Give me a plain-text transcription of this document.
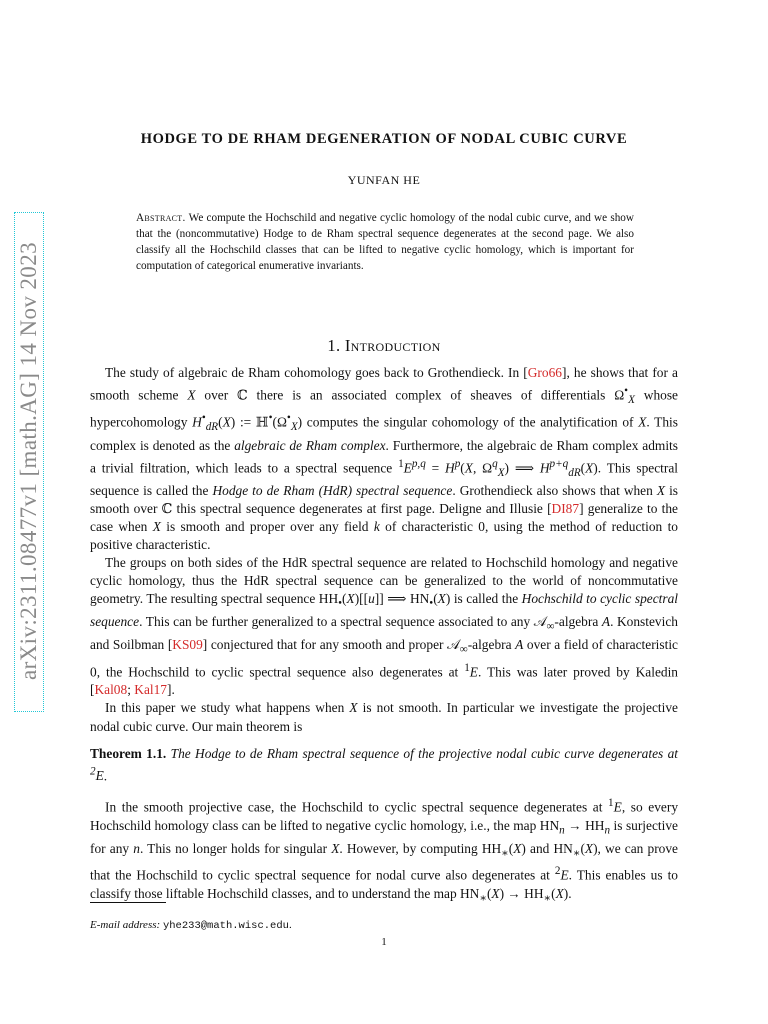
arXiv:2311.08477v1 [math.AG] 14 Nov 2023
HODGE TO DE RHAM DEGENERATION OF NODAL CUBIC CURVE
YUNFAN HE
Abstract. We compute the Hochschild and negative cyclic homology of the nodal cubic curve, and we show that the (noncommutative) Hodge to de Rham spectral sequence degenerates at the second page. We also classify all the Hochschild classes that can be lifted to negative cyclic homology, which is important for computation of categorical enumerative invariants.
1. Introduction

The study of algebraic de Rham cohomology goes back to Grothendieck. In [Gro66], he shows that for a smooth scheme X over ℂ there is an associated complex of sheaves of differentials $\Omega^•_X$ whose hypercohomology $H^•_{dR}(X)$ := $ℍ^•(\Omega^•_X)$ computes the singular cohomology of the analytification of X. This complex is denoted as the algebraic de Rham complex. Furthermore, the algebraic de Rham complex admits a trivial filtration, which leads to a spectral sequence $^1E^{p,q} = H^p(X$, $\Omega^q_X$) ⟹ $H^{p+q}_{dR}(X)$. This spectral sequence is called the Hodge to de Rham (HdR) spectral sequence. Grothendieck also shows that when X is smooth over ℂ this spectral sequence degenerates at first page. Deligne and Illusie [DI87] generalize to the case when X is smooth and proper over any field k of characteristic 0, using the method of reduction to positive characteristic.

The groups on both sides of the HdR spectral sequence are related to Hochschild homology and negative cyclic homology, thus the HdR spectral sequence can be generalized to the world of noncommutative geometry. The resulting spectral sequence $HH_•(X)[[u]]$ ⟹ $HN_•(X)$ is called the Hochschild to cyclic spectral sequence. This can be further generalized to a spectral sequence associated to any 𝒜$_\infty$-algebra A. Konstevich and Soilbman [KS09] conjectured that for any smooth and proper 𝒜$_\infty$-algebra A over a field of characteristic 0, the Hochschild to cyclic spectral sequence also degenerates at $^1$E. This was later proved by Kaledin [Kal08; Kal17].

In this paper we study what happens when X is not smooth. In particular we investigate the projective nodal cubic curve. Our main theorem is

Theorem 1.1. The Hodge to de Rham spectral sequence of the projective nodal cubic curve degenerates at $^2$E.

In the smooth projective case, the Hochschild to cyclic spectral sequence degenerates at $^1$E, so every Hochschild homology class can be lifted to negative cyclic homology, i.e., the map $HN_n \to HH_n$ is surjective for any n. This no longer holds for singular X. However, by computing $HH_∗(X)$ and $HN_∗(X)$, we can prove that the Hochschild to cyclic spectral sequence for nodal curve also degenerates at $^2$E. This enables us to classify those liftable Hochschild classes, and to understand the map $HN_∗(X) \to HH_∗(X)$.

E-mail address: yhe233@math.wisc.edu.
1
